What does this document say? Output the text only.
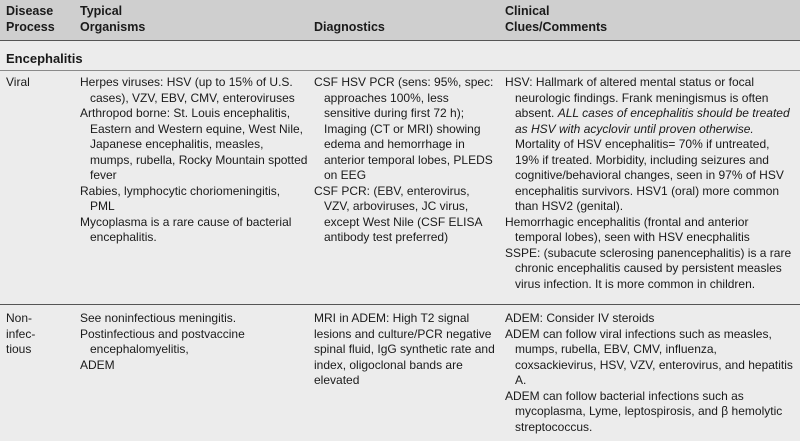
Disease
Process
Typical
Organisms	Diagnostics
Clinical
Clues/Comments
Encephalitis
Viral	Herpes viruses: HSV (up to 15% of U.S. cases), VZV, EBV, CMV, enteroviruses

Arthropod borne: St. Louis encephalitis, Eastern and Western equine, West Nile, Japanese encephalitis, measles, mumps, rubella, Rocky Mountain spotted fever

Rabies, lymphocytic choriomeningitis, PML

Mycoplasma is a rare cause of bacterial encephalitis.

CSF HSV PCR (sens: 95%, spec: approaches 100%, less sensitive during first 72 h); Imaging (CT or MRI) showing edema and hemorrhage in anterior temporal lobes, PLEDS on EEG

CSF PCR: (EBV, enterovirus, VZV, arboviruses, JC virus, except West Nile (CSF ELISA antibody test preferred)

HSV: Hallmark of altered mental status or focal neurologic findings. Frank meningismus is often absent. ALL cases of encephalitis should be treated as HSV with acyclovir until proven otherwise. Mortality of HSV encephalitis= 70% if untreated, 19% if treated. Morbidity, including seizures and cognitive/behavioral changes, seen in 97% of HSV encephalitis survivors. HSV1 (oral) more common than HSV2 (genital).

Hemorrhagic encephalitis (frontal and anterior temporal lobes), seen with HSV enecphalitis

SSPE: (subacute sclerosing panencephalitis) is a rare chronic encephalitis caused by persistent measles virus infection. It is more common in children.

Non-
infec-
tious

See noninfectious meningitis.

Postinfectious and postvaccine encephalomyelitis,

ADEM

MRI in ADEM: High T2 signal lesions and culture/PCR negative spinal fluid, IgG synthetic rate and index, oligoclonal bands are elevated

ADEM: Consider IV steroids

ADEM can follow viral infections such as measles, mumps, rubella, EBV, CMV, influenza, coxsackievirus, HSV, VZV, enterovirus, and hepatitis A.

ADEM can follow bacterial infections such as mycoplasma, Lyme, leptospirosis, and β hemolytic streptococcus.
